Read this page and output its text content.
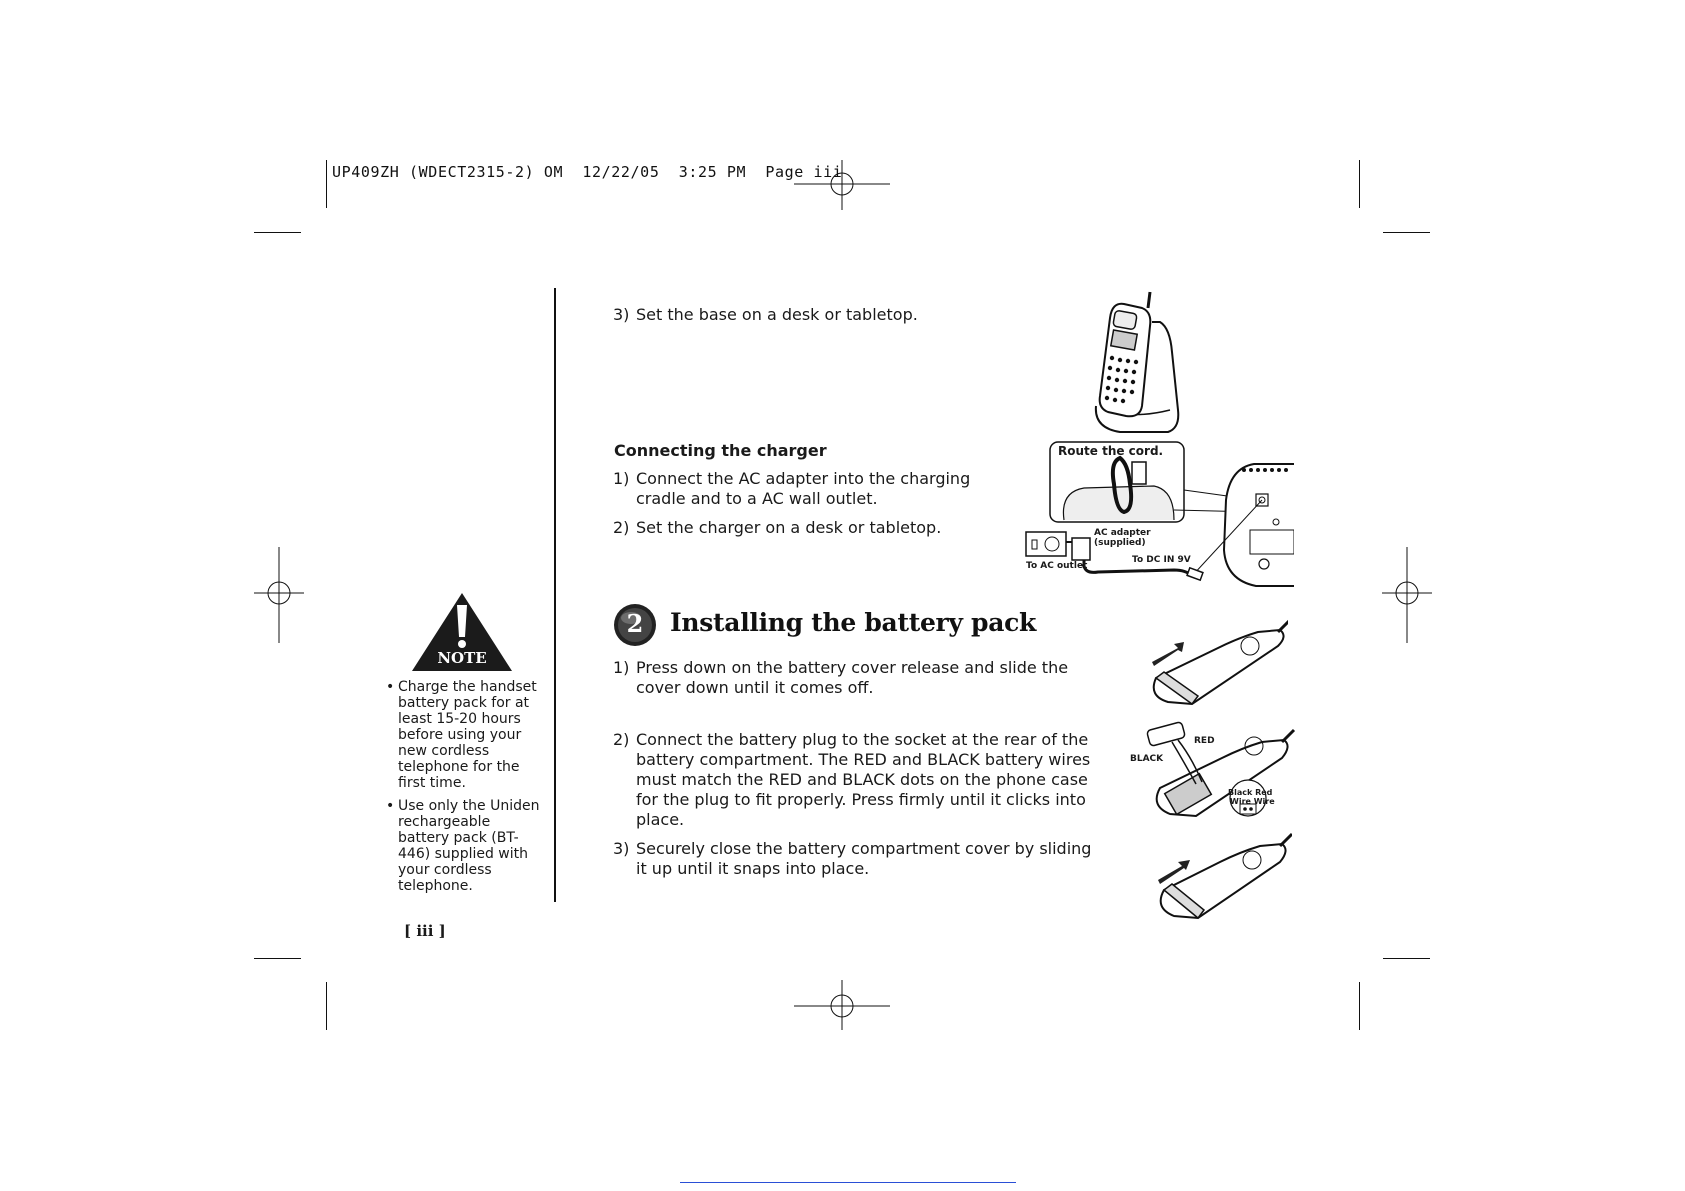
UP409ZH (WDECT2315-2) OM  12/22/05  3:25 PM  Page iii
3) Set the base on a desk or tabletop.
Connecting the charger
1) Connect the AC adapter into the charging cradle and to a AC wall outlet.
2) Set the charger on a desk or tabletop.
Route the cord.
AC adapter
(supplied)
To AC outlet
To DC IN 9V
2	Installing the battery pack
1) Press down on the battery cover release and slide the cover down until it comes off.
2) Connect the battery plug to the socket at the rear of the battery compartment. The RED and BLACK battery wires must match the RED and BLACK dots on the phone case for the plug to fit properly. Press firmly until it clicks into place.
3) Securely close the battery compartment cover by sliding it up until it snaps into place.
RED
BLACK
Black Red
Wire Wire
NOTE
• Charge the handset battery pack for at least 15-20 hours before using your new cordless telephone for the first time.
• Use only the Uniden rechargeable battery pack (BT-446) supplied with your cordless telephone.
[ iii ]
